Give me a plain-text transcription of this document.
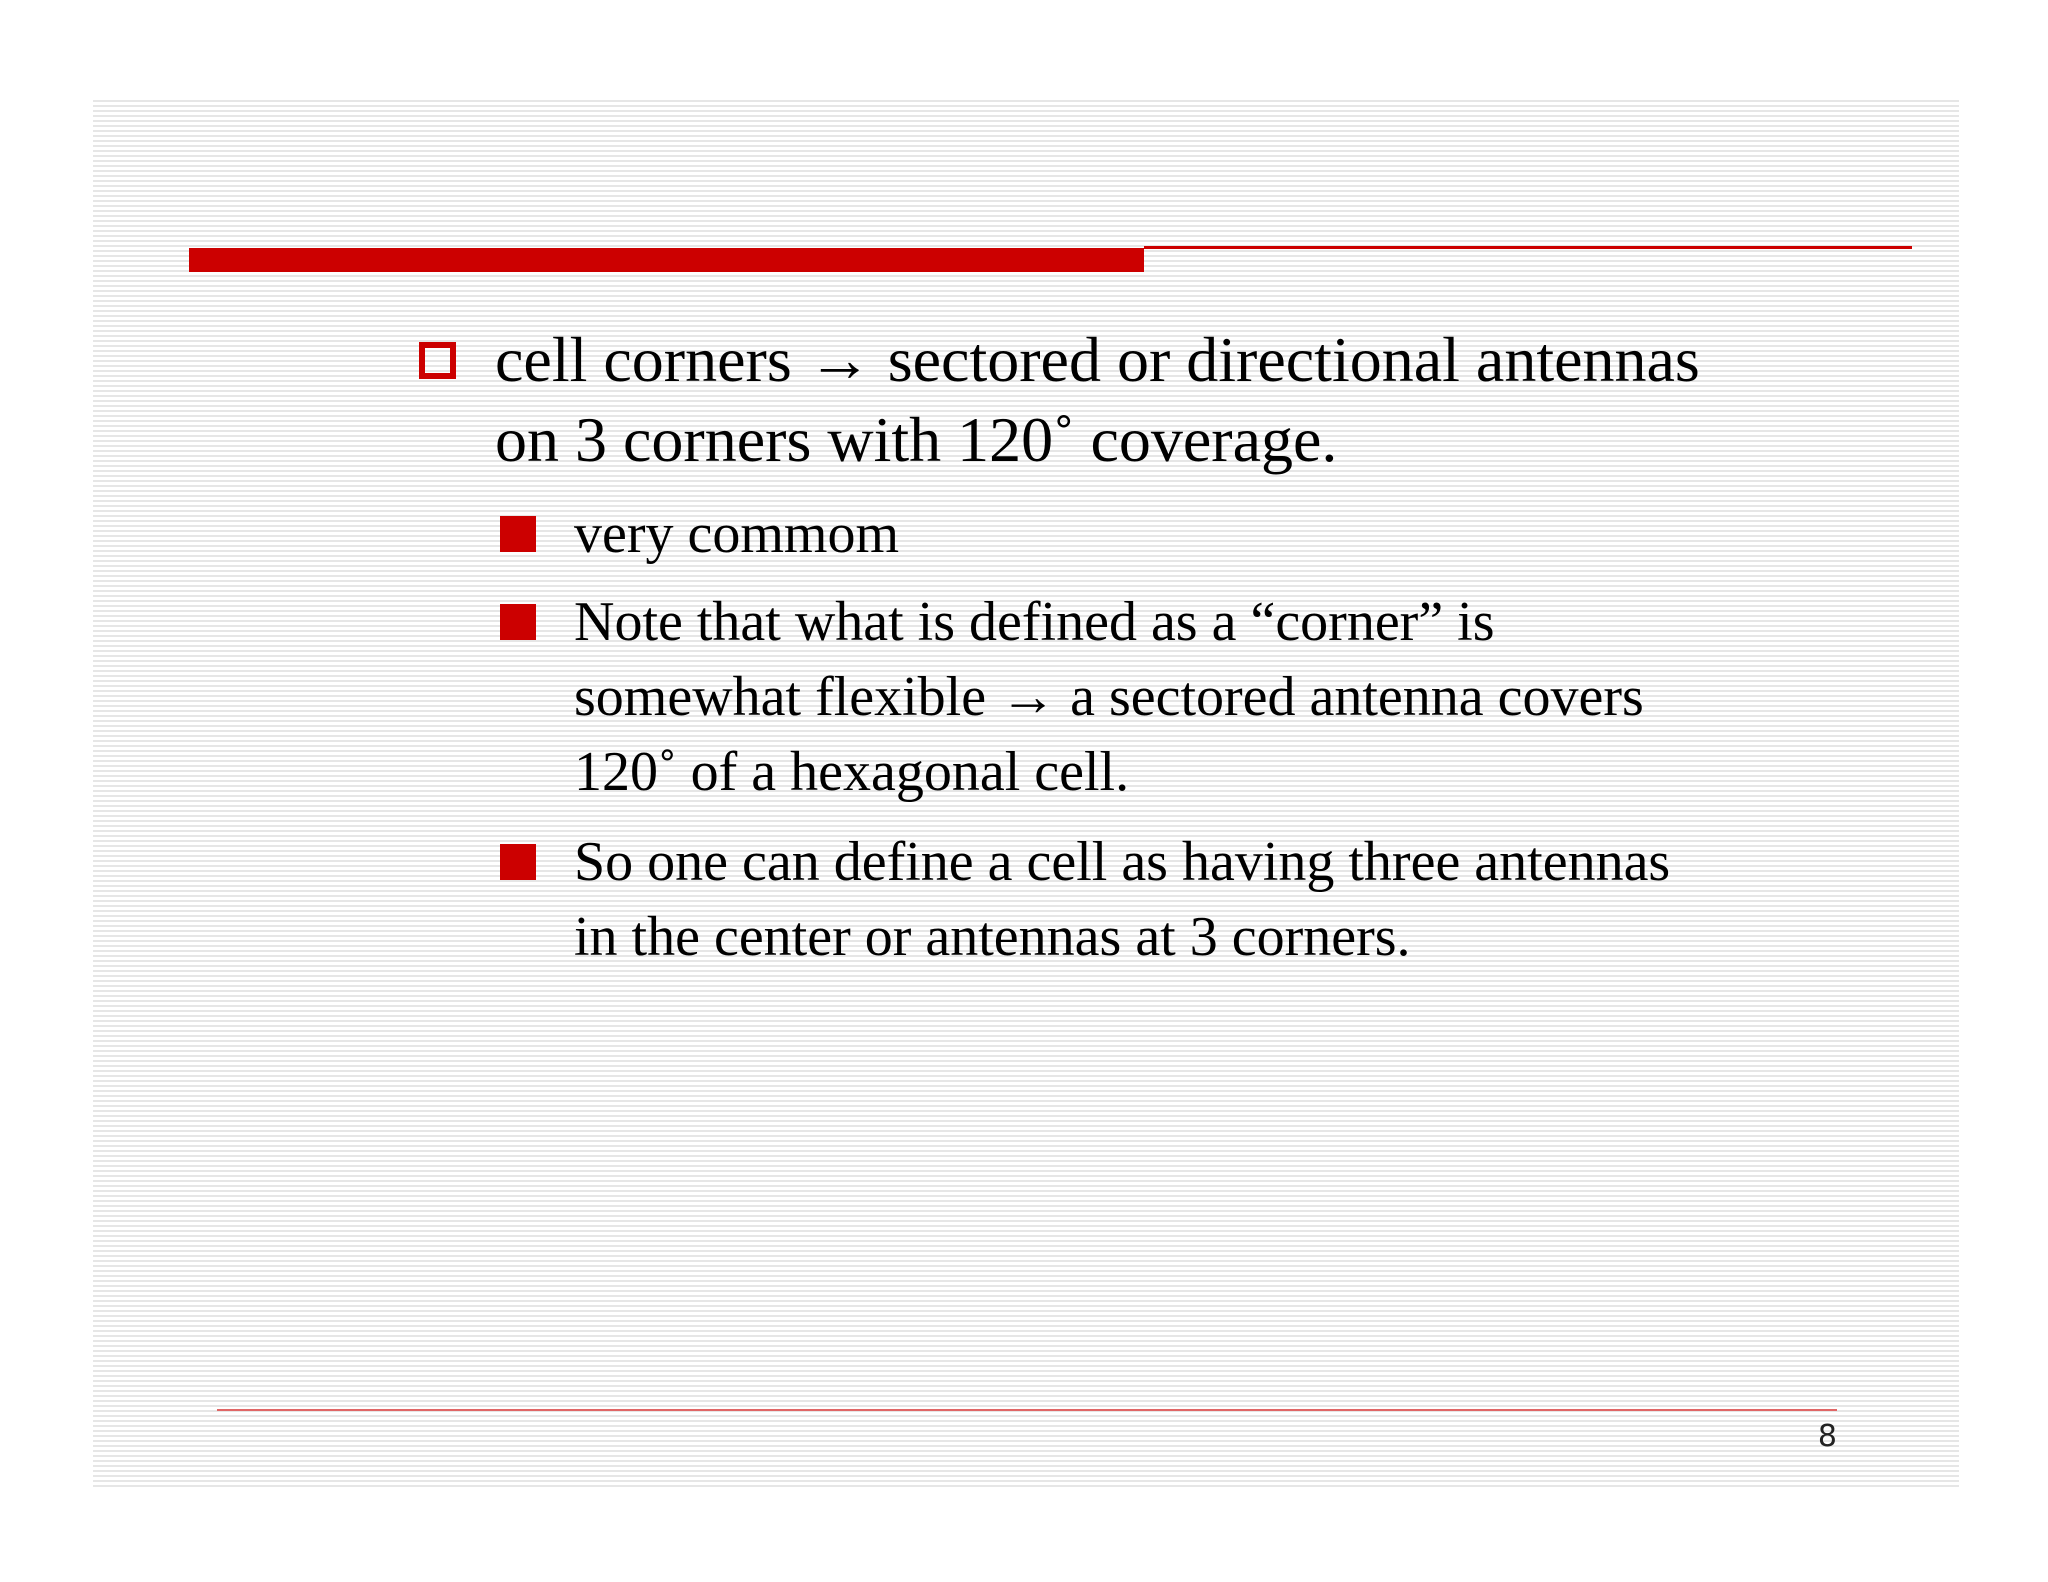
cell corners → sectored or directional antennas
on 3 corners with 120˚ coverage.
very commom
Note that what is defined as a “corner” is
somewhat flexible → a sectored antenna covers
120˚ of a hexagonal cell.
So one can define a cell as having three antennas
in the center or antennas at 3 corners.
8
